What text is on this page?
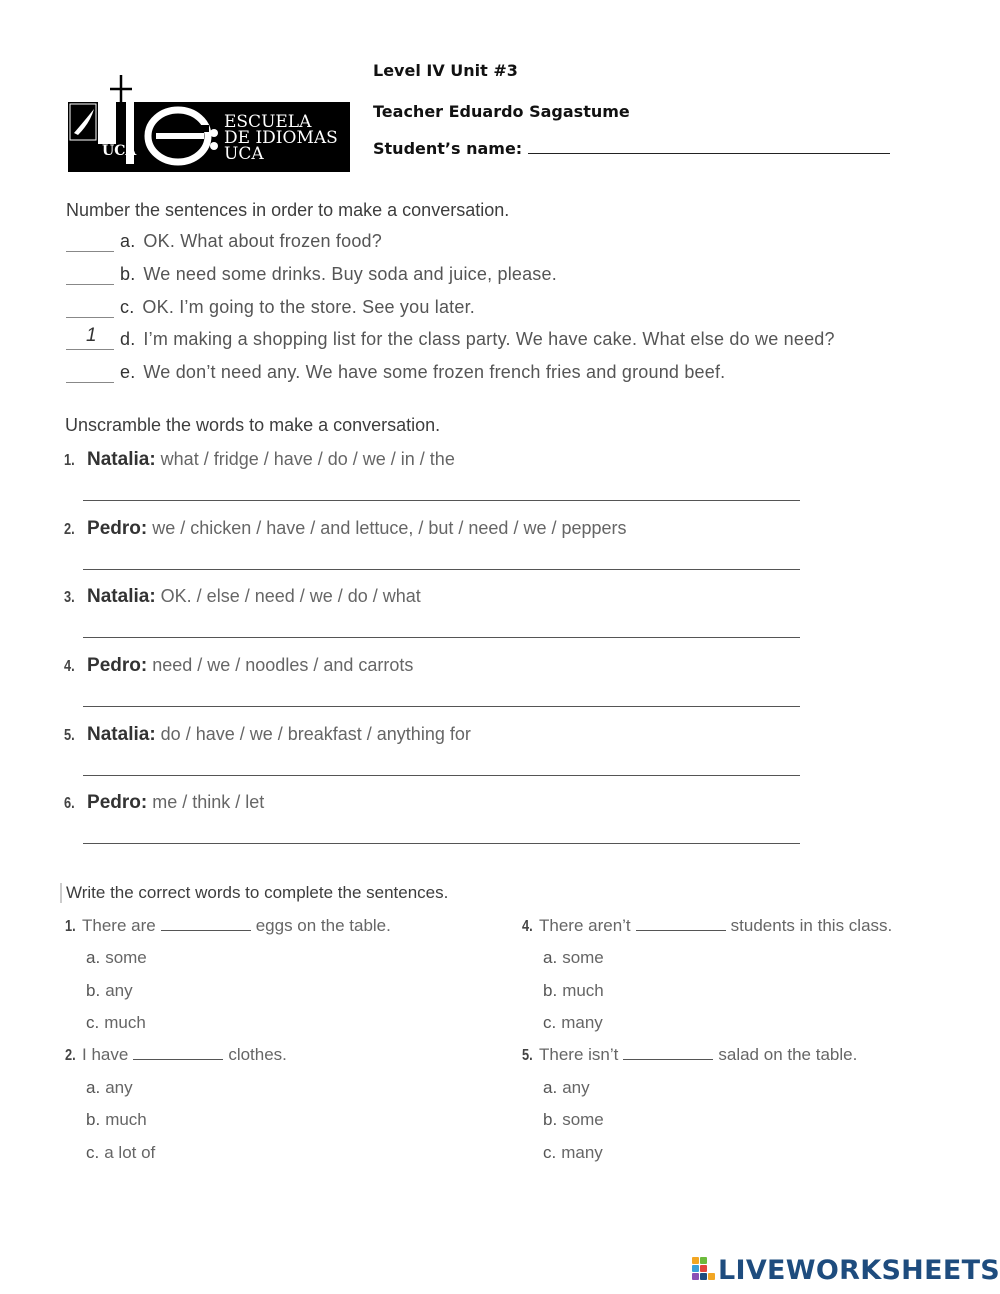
UCA
ESCUELA
DE IDIOMAS
UCA
Level IV Unit #3
Teacher Eduardo Sagastume
Student’s name:
Number the sentences in order to make a conversation.
a. OK. What about frozen food?
b. We need some drinks. Buy soda and juice, please.
c. OK. I’m going to the store. See you later.
1 d. I’m making a shopping list for the class party. We have cake. What else do we need?
e. We don’t need any. We have some frozen french fries and ground beef.
Unscramble the words to make a conversation.
1. Natalia: what / fridge / have / do / we / in / the
2. Pedro: we / chicken / have / and lettuce, / but / need / we / peppers
3. Natalia: OK. / else / need / we / do / what
4. Pedro: need / we / noodles / and carrots
5. Natalia: do / have / we / breakfast / anything for
6. Pedro: me / think / let
Write the correct words to complete the sentences.
1. There are	eggs on the table.
a. some
b. any
c. much
2. I have	clothes.
a. any
b. much
c. a lot of
4. There aren’t	students in this class.
a. some
b. much
c. many
5. There isn’t	salad on the table.
a. any
b. some
c. many
LIVEWORKSHEETS
